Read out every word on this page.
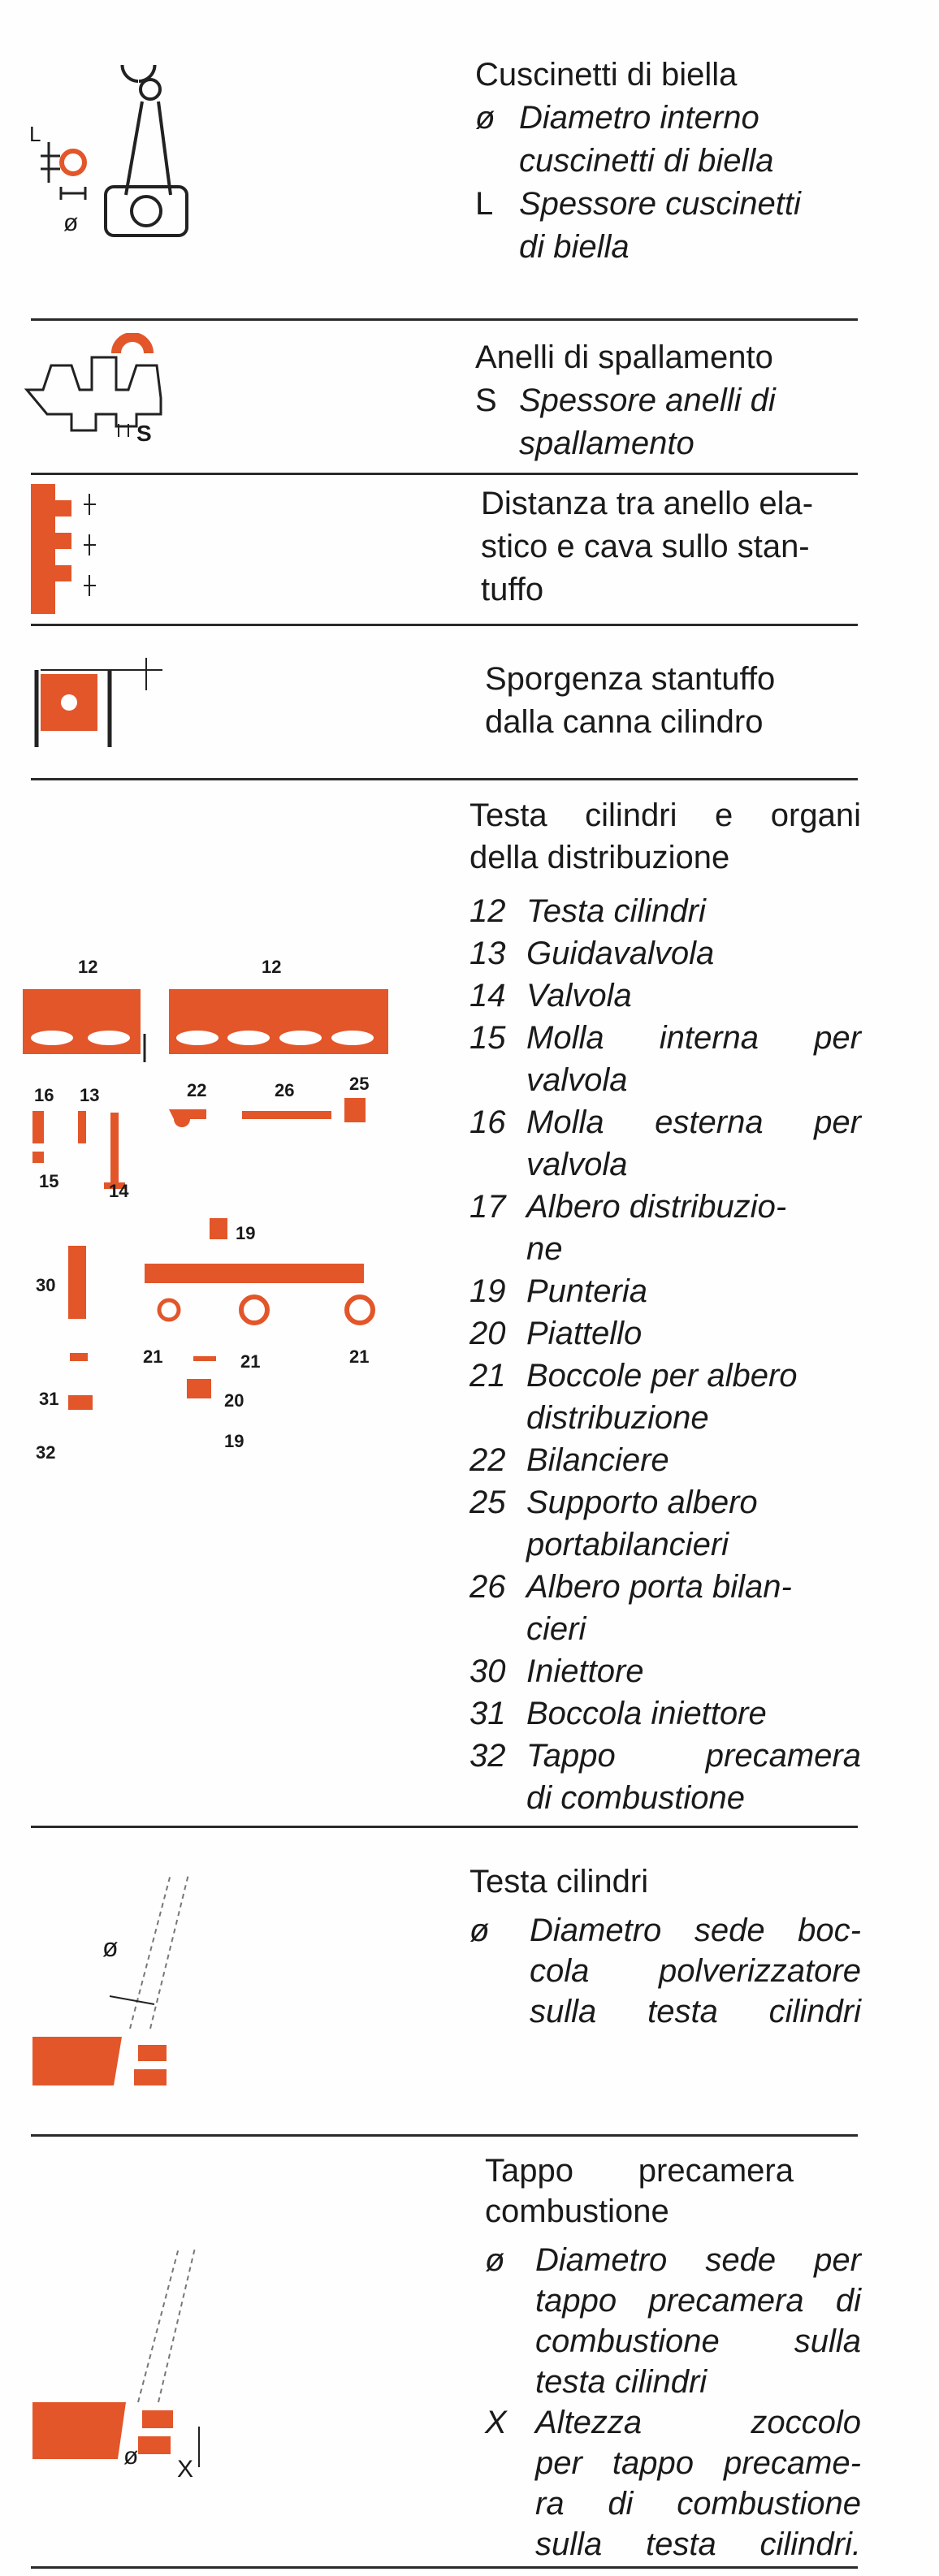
L
ø
Cuscinetti di biella
ø Diametro interno
cuscinetti di biella
L Spessore cuscinetti
di biella
S
Anelli di spallamento
S Spessore anelli di
spallamento
Distanza tra anello ela-
stico e cava sullo stan-
tuffo
Sporgenza stantuffo
dalla canna cilindro
12	12
16 13	22	26	25
15	14
19
30
21	21	21
31	20
32
19
Testa cilindri e organi
della distribuzione
12 Testa cilindri
13 Guidavalvola
14 Valvola
15 Molla interna per
valvola
16 Molla esterna per
valvola
17 Albero distribuzio-
ne
19 Punteria
20 Piattello
21 Boccole per albero
distribuzione
22 Bilanciere
25 Supporto albero
portabilancieri
26 Albero porta bilan-
cieri
30 Iniettore
31 Boccola iniettore
32 Tappo precamera
di combustione
ø
Testa cilindri
ø	Diametro sede boc-
cola polverizzatore
sulla testa cilindri
ø X
Tappo precamera
combustione
ø Diametro sede per
tappo precamera di
combustione sulla
testa cilindri
X Altezza zoccolo
per tappo precame-
ra di combustione
sulla testa cilindri.
